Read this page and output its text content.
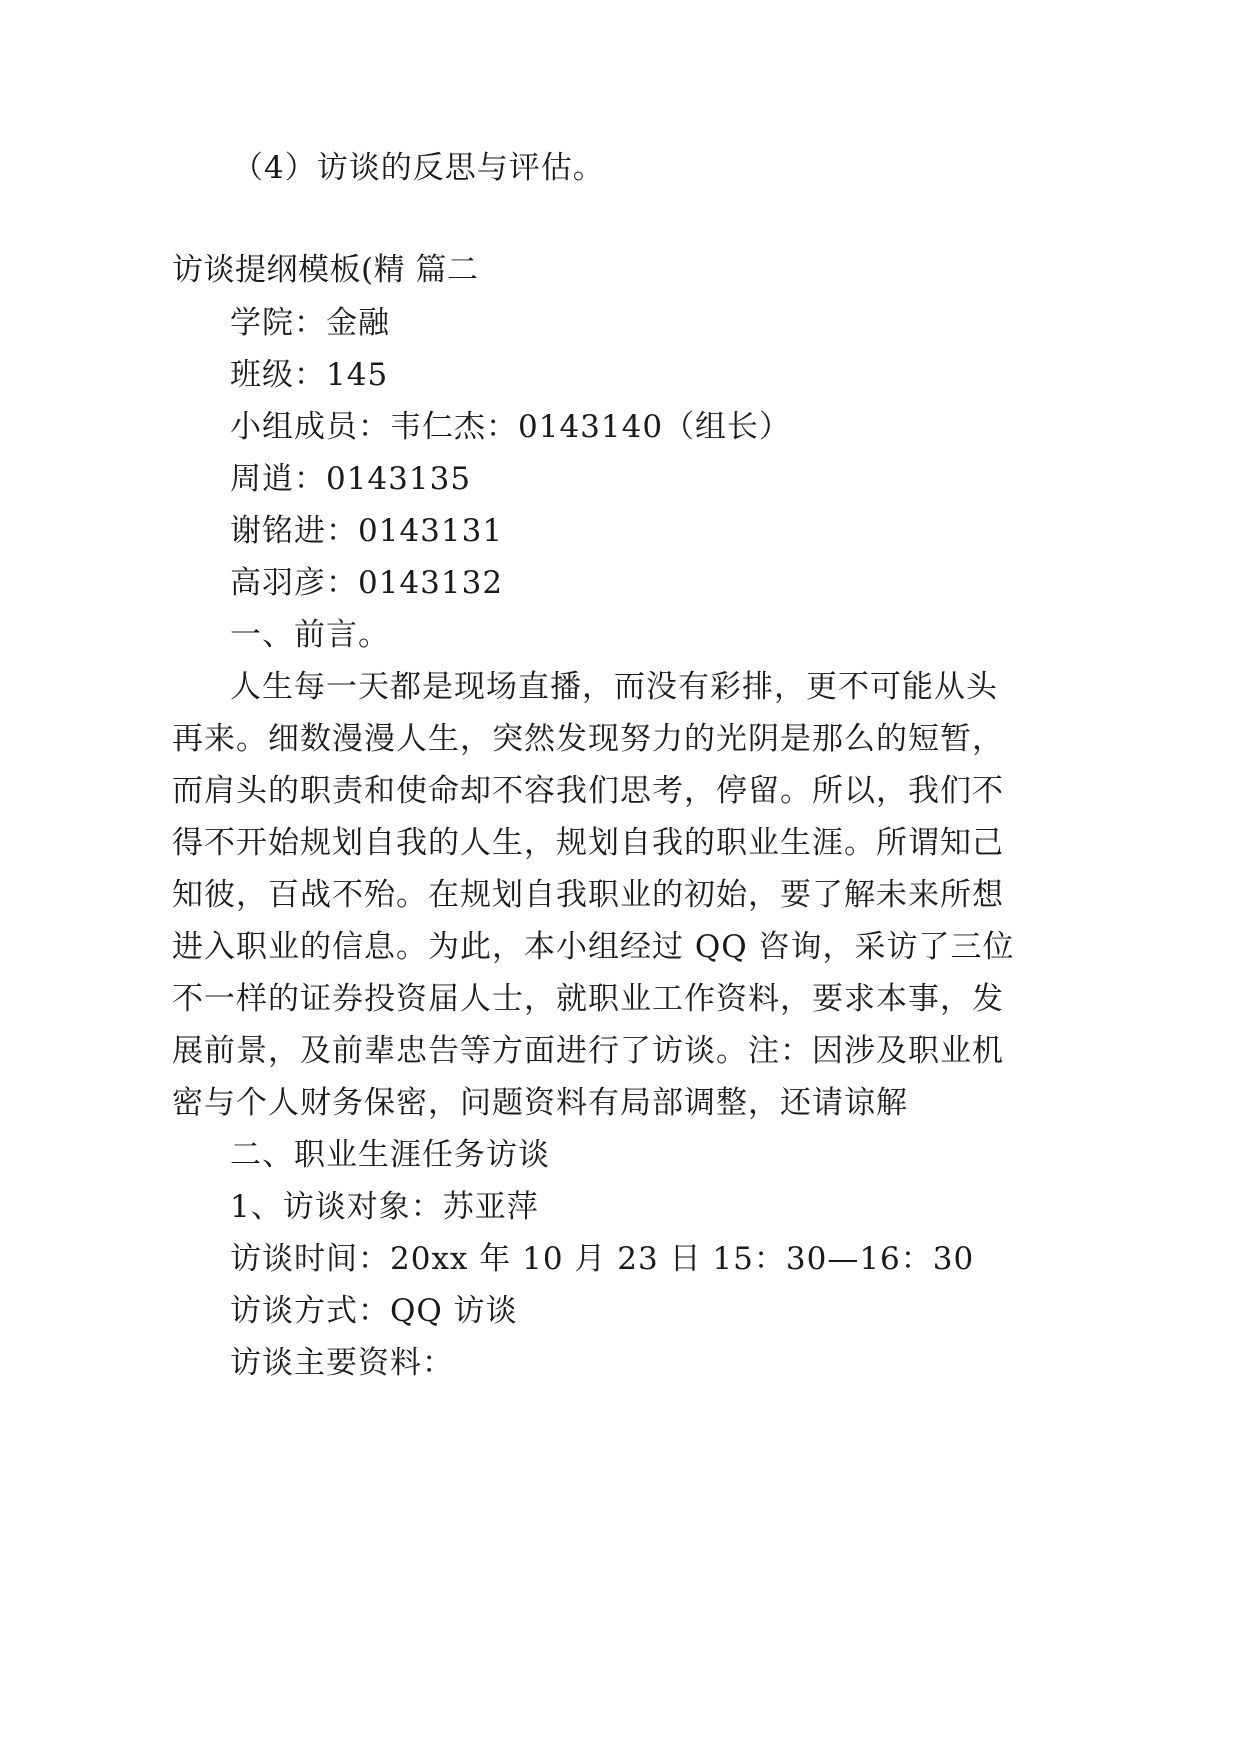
（4）访谈的反思与评估。
访谈提纲模板(精 篇二
学院：金融
班级：145
小组成员：韦仁杰：0143140（组长）
周逍：0143135
谢铭进：0143131
高羽彦：0143132
一、前言。
人生每一天都是现场直播，而没有彩排，更不可能从头
再来。细数漫漫人生，突然发现努力的光阴是那么的短暂，
而肩头的职责和使命却不容我们思考，停留。所以，我们不
得不开始规划自我的人生，规划自我的职业生涯。所谓知己
知彼，百战不殆。在规划自我职业的初始，要了解未来所想
进入职业的信息。为此，本小组经过 QQ 咨询，采访了三位
不一样的证券投资届人士，就职业工作资料，要求本事，发
展前景，及前辈忠告等方面进行了访谈。注：因涉及职业机
密与个人财务保密，问题资料有局部调整，还请谅解
二、职业生涯任务访谈
1、访谈对象：苏亚萍
访谈时间：20xx 年 10 月 23 日 15：30—16：30
访谈方式：QQ 访谈
访谈主要资料：
